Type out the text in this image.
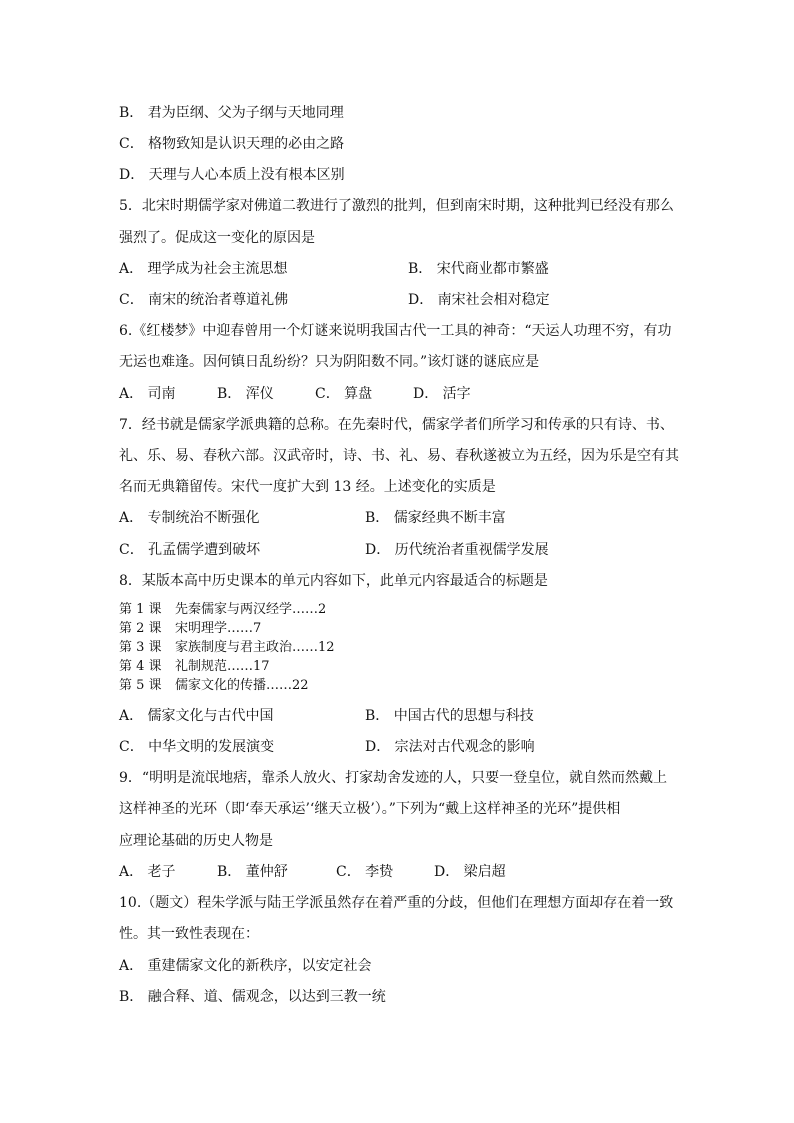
B． 君为臣纲、父为子纲与天地同理
C． 格物致知是认识天理的必由之路
D． 天理与人心本质上没有根本区别
5．北宋时期儒学家对佛道二教进行了激烈的批判，但到南宋时期，这种批判已经没有那么
强烈了。促成这一变化的原因是
A． 理学成为社会主流思想	B． 宋代商业都市繁盛
C． 南宋的统治者尊道礼佛	D． 南宋社会相对稳定
6.《红楼梦》中迎春曾用一个灯谜来说明我国古代一工具的神奇：“天运人功理不穷，有功
无运也难逢。因何镇日乱纷纷？只为阴阳数不同。”该灯谜的谜底应是
A． 司南	B． 浑仪	C． 算盘	D． 活字
7．经书就是儒家学派典籍的总称。在先秦时代，儒家学者们所学习和传承的只有诗、书、
礼、乐、易、春秋六部。汉武帝时，诗、书、礼、易、春秋遂被立为五经，因为乐是空有其
名而无典籍留传。宋代一度扩大到 13 经。上述变化的实质是
A． 专制统治不断强化	B． 儒家经典不断丰富
C． 孔孟儒学遭到破坏	D． 历代统治者重视儒学发展
8．某版本高中历史课本的单元内容如下，此单元内容最适合的标题是
第 1 课 先秦儒家与两汉经学……2
第 2 课 宋明理学……7
第 3 课 家族制度与君主政治……12
第 4 课 礼制规范……17
第 5 课 儒家文化的传播……22
A． 儒家文化与古代中国	B． 中国古代的思想与科技
C． 中华文明的发展演变	D． 宗法对古代观念的影响
9．“明明是流氓地痞，靠杀人放火、打家劫舍发迹的人，只要一登皇位，就自然而然戴上
这样神圣的光环（即‘奉天承运’‘继天立极’）。”下列为“戴上这样神圣的光环”提供相
应理论基础的历史人物是
A． 老子	B． 董仲舒	C． 李贽	D． 梁启超
10.（题文）程朱学派与陆王学派虽然存在着严重的分歧，但他们在理想方面却存在着一致
性。其一致性表现在：
A． 重建儒家文化的新秩序，以安定社会
B． 融合释、道、儒观念，以达到三教一统
